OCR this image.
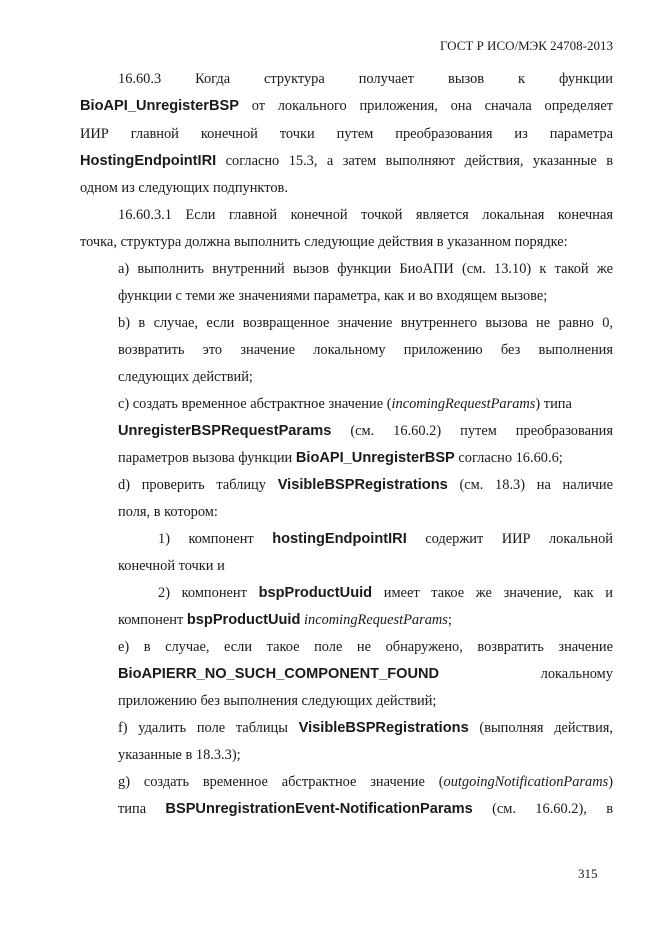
ГОСТ Р ИСО/МЭК 24708-2013
16.60.3 Когда структура получает вызов к функции
BioAPI_UnregisterBSP от локального приложения, она сначала определяет
ИИР главной конечной точки путем преобразования из параметра
HostingEndpointIRI согласно 15.3, а затем выполняют действия, указанные в
одном из следующих подпунктов.
16.60.3.1 Если главной конечной точкой является локальная конечная
точка, структура должна выполнить следующие действия в указанном порядке:
a) выполнить внутренний вызов функции БиоАПИ (см. 13.10) к такой же
функции с теми же значениями параметра, как и во входящем вызове;
b) в случае, если возвращенное значение внутреннего вызова не равно 0,
возвратить это значение локальному приложению без выполнения
следующих действий;
c) создать временное абстрактное значение (incomingRequestParams) типа
UnregisterBSPRequestParams (см. 16.60.2) путем преобразования
параметров вызова функции BioAPI_UnregisterBSP согласно 16.60.6;
d) проверить таблицу VisibleBSPRegistrations (см. 18.3) на наличие
поля, в котором:
1) компонент hostingEndpointIRI содержит ИИР локальной
конечной точки и
2) компонент bspProductUuid имеет такое же значение, как и
компонент bspProductUuid incomingRequestParams;
e) в случае, если такое поле не обнаружено, возвратить значение
BioAPIERR_NO_SUCH_COMPONENT_FOUND	локальному
приложению без выполнения следующих действий;
f) удалить поле таблицы VisibleBSPRegistrations (выполняя действия,
указанные в 18.3.3);
g) создать временное абстрактное значение (outgoingNotificationParams)
типа BSPUnregistrationEvent-NotificationParams (см. 16.60.2), в
315
